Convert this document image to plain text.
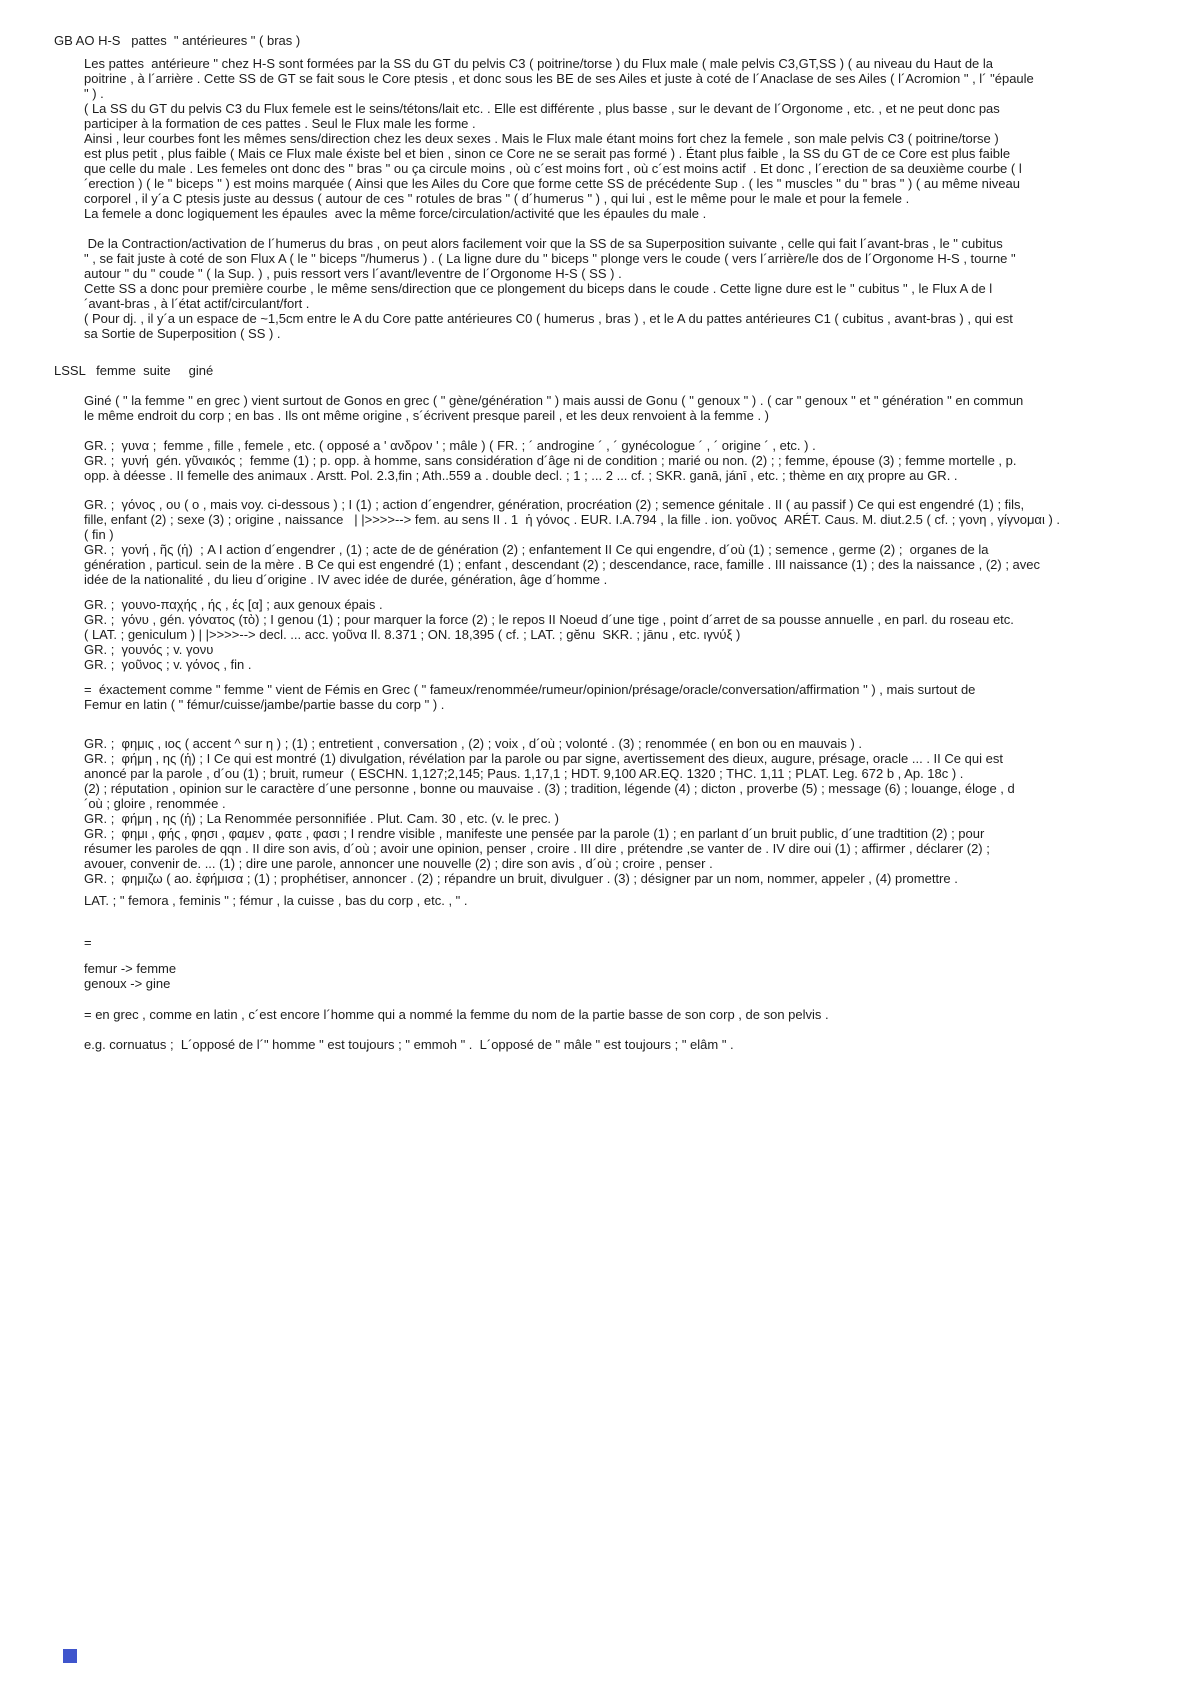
GB AO H-S   pattes  " antérieures " ( bras )
Les pattes  antérieure " chez H-S sont formées par la SS du GT du pelvis C3 ( poitrine/torse ) du Flux male ( male pelvis C3,GT,SS ) ( au niveau du Haut de la
poitrine , à l´arrière . Cette SS de GT se fait sous le Core ptesis , et donc sous les BE de ses Ailes et juste à coté de l´Anaclase de ses Ailes ( l´Acromion " , l´ "épaule
" ) .
( La SS du GT du pelvis C3 du Flux femele est le seins/tétons/lait etc. . Elle est différente , plus basse , sur le devant de l´Orgonome , etc. , et ne peut donc pas
participer à la formation de ces pattes . Seul le Flux male les forme .
Ainsi , leur courbes font les mêmes sens/direction chez les deux sexes . Mais le Flux male étant moins fort chez la femele , son male pelvis C3 ( poitrine/torse )
est plus petit , plus faible ( Mais ce Flux male éxiste bel et bien , sinon ce Core ne se serait pas formé ) . Étant plus faible , la SS du GT de ce Core est plus faible
que celle du male . Les femeles ont donc des " bras " ou ça circule moins , où c´est moins fort , où c´est moins actif  . Et donc , l´erection de sa deuxième courbe ( l
´erection ) ( le " biceps " ) est moins marquée ( Ainsi que les Ailes du Core que forme cette SS de précédente Sup . ( les " muscles " du " bras " ) ( au même niveau
corporel , il y´a C ptesis juste au dessus ( autour de ces " rotules de bras " ( d´humerus " ) , qui lui , est le même pour le male et pour la femele .
La femele a donc logiquement les épaules  avec la même force/circulation/activité que les épaules du male .
De la Contraction/activation de l´humerus du bras , on peut alors facilement voir que la SS de sa Superposition suivante , celle qui fait l´avant-bras , le " cubitus
" , se fait juste à coté de son Flux A ( le " biceps "/humerus ) . ( La ligne dure du " biceps " plonge vers le coude ( vers l´arrière/le dos de l´Orgonome H-S , tourne "
autour " du " coude " ( la Sup. ) , puis ressort vers l´avant/leventre de l´Orgonome H-S ( SS ) .
Cette SS a donc pour première courbe , le même sens/direction que ce plongement du biceps dans le coude . Cette ligne dure est le " cubitus " , le Flux A de l
´avant-bras , à l´état actif/circulant/fort .
( Pour dj. , il y´a un espace de ~1,5cm entre le A du Core patte antérieures C0 ( humerus , bras ) , et le A du pattes antérieures C1 ( cubitus , avant-bras ) , qui est
sa Sortie de Superposition ( SS ) .
LSSL   femme  suite     giné
Giné ( " la femme " en grec ) vient surtout de Gonos en grec ( " gène/génération " ) mais aussi de Gonu ( " genoux " ) . ( car " genoux " et " génération " en commun
le même endroit du corp ; en bas . Ils ont même origine , s´écrivent presque pareil , et les deux renvoient à la femme . )
GR. ;  γυνα ;  femme , fille , femele , etc. ( opposé a ' ανδρον ' ; mâle ) ( FR. ; ´ androgine ´ , ´ gynécologue ´ , ´ origine ´ , etc. ) .
GR. ;  γυνή  gén. γῦναικός ;  femme (1) ; p. opp. à homme, sans considération d´âge ni de condition ; marié ou non. (2) ; ; femme, épouse (3) ; femme mortelle , p.
opp. à déesse . II femelle des animaux . Arstt. Pol. 2.3,fin ; Ath..559 a . double decl. ; 1 ; ... 2 ... cf. ; SKR. ganā, jánī , etc. ; thème en αιχ propre au GR. .
GR. ;  γόνος , ου ( ο , mais voy. ci-dessous ) ; I (1) ; action d´engendrer, génération, procréation (2) ; semence génitale . II ( au passif ) Ce qui est engendré (1) ; fils,
fille, enfant (2) ; sexe (3) ; origine , naissance   | |>>>>--> fem. au sens II . 1  ἡ γόνος . EUR. I.A.794 , la fille . ion. γοῦνος  ARÉT. Caus. M. diut.2.5 ( cf. ; γονη , γίγνομαι ) .
( fin )
GR. ;  γονή , ῆς (ἡ)  ; A I action d´engendrer , (1) ; acte de de génération (2) ; enfantement II Ce qui engendre, d´où (1) ; semence , germe (2) ;  organes de la
génération , particul. sein de la mère . B Ce qui est engendré (1) ; enfant , descendant (2) ; descendance, race, famille . III naissance (1) ; des la naissance , (2) ; avec
idée de la nationalité , du lieu d´origine . IV avec idée de durée, génération, âge d´homme .
GR. ;  γουνο-παχής , ής , ές [α] ; aux genoux épais .
GR. ;  γόνυ , gén. γόνατος (τὸ) ; I genou (1) ; pour marquer la force (2) ; le repos II Noeud d´une tige , point d´arret de sa pousse annuelle , en parl. du roseau etc.
( LAT. ; geniculum ) | |>>>>--> decl. ... acc. γοῦνα Il. 8.371 ; ON. 18,395 ( cf. ; LAT. ; gĕnu  SKR. ; jānu , etc. ιγνύξ )
GR. ;  γουνός ; v. γονυ
GR. ;  γοῦνος ; v. γόνος , fin .
=  éxactement comme " femme " vient de Fémis en Grec ( " fameux/renommée/rumeur/opinion/présage/oracle/conversation/affirmation " ) , mais surtout de
Femur en latin ( " fémur/cuisse/jambe/partie basse du corp " ) .
GR. ;  φημις , ιος ( accent ^ sur η ) ; (1) ; entretient , conversation , (2) ; voix , d´où ; volonté . (3) ; renommée ( en bon ou en mauvais ) .
GR. ;  φήμη , ης (ἡ) ; I Ce qui est montré (1) divulgation, révélation par la parole ou par signe, avertissement des dieux, augure, présage, oracle ... . II Ce qui est
anoncé par la parole , d´ou (1) ; bruit, rumeur  ( ESCHN. 1,127;2,145; Paus. 1,17,1 ; HDT. 9,100 AR.EQ. 1320 ; THC. 1,11 ; PLAT. Leg. 672 b , Ap. 18c ) .
(2) ; réputation , opinion sur le caractère d´une personne , bonne ou mauvaise . (3) ; tradition, légende (4) ; dicton , proverbe (5) ; message (6) ; louange, éloge , d
´où ; gloire , renommée .
GR. ;  φήμη , ης (ἡ) ; La Renommée personnifiée . Plut. Cam. 30 , etc. (v. le prec. )
GR. ;  φημι , φής , φησι , φαμεν , φατε , φασι ; I rendre visible , manifeste une pensée par la parole (1) ; en parlant d´un bruit public, d´une tradtition (2) ; pour
résumer les paroles de qqn . II dire son avis, d´où ; avoir une opinion, penser , croire . III dire , prétendre ,se vanter de . IV dire oui (1) ; affirmer , déclarer (2) ;
avouer, convenir de. ... (1) ; dire une parole, annoncer une nouvelle (2) ; dire son avis , d´où ; croire , penser .
GR. ;  φημιζω ( ao. ἐφήμισα ; (1) ; prophétiser, annoncer . (2) ; répandre un bruit, divulguer . (3) ; désigner par un nom, nommer, appeler , (4) promettre .
LAT. ; " femora , feminis " ; fémur , la cuisse , bas du corp , etc. , " .
=
femur -> femme
genoux -> gine
= en grec , comme en latin , c´est encore l´homme qui a nommé la femme du nom de la partie basse de son corp , de son pelvis .
e.g. cornuatus ;  L´opposé de l´" homme " est toujours ; " emmoh " .  L´opposé de " mâle " est toujours ; " elâm " .
